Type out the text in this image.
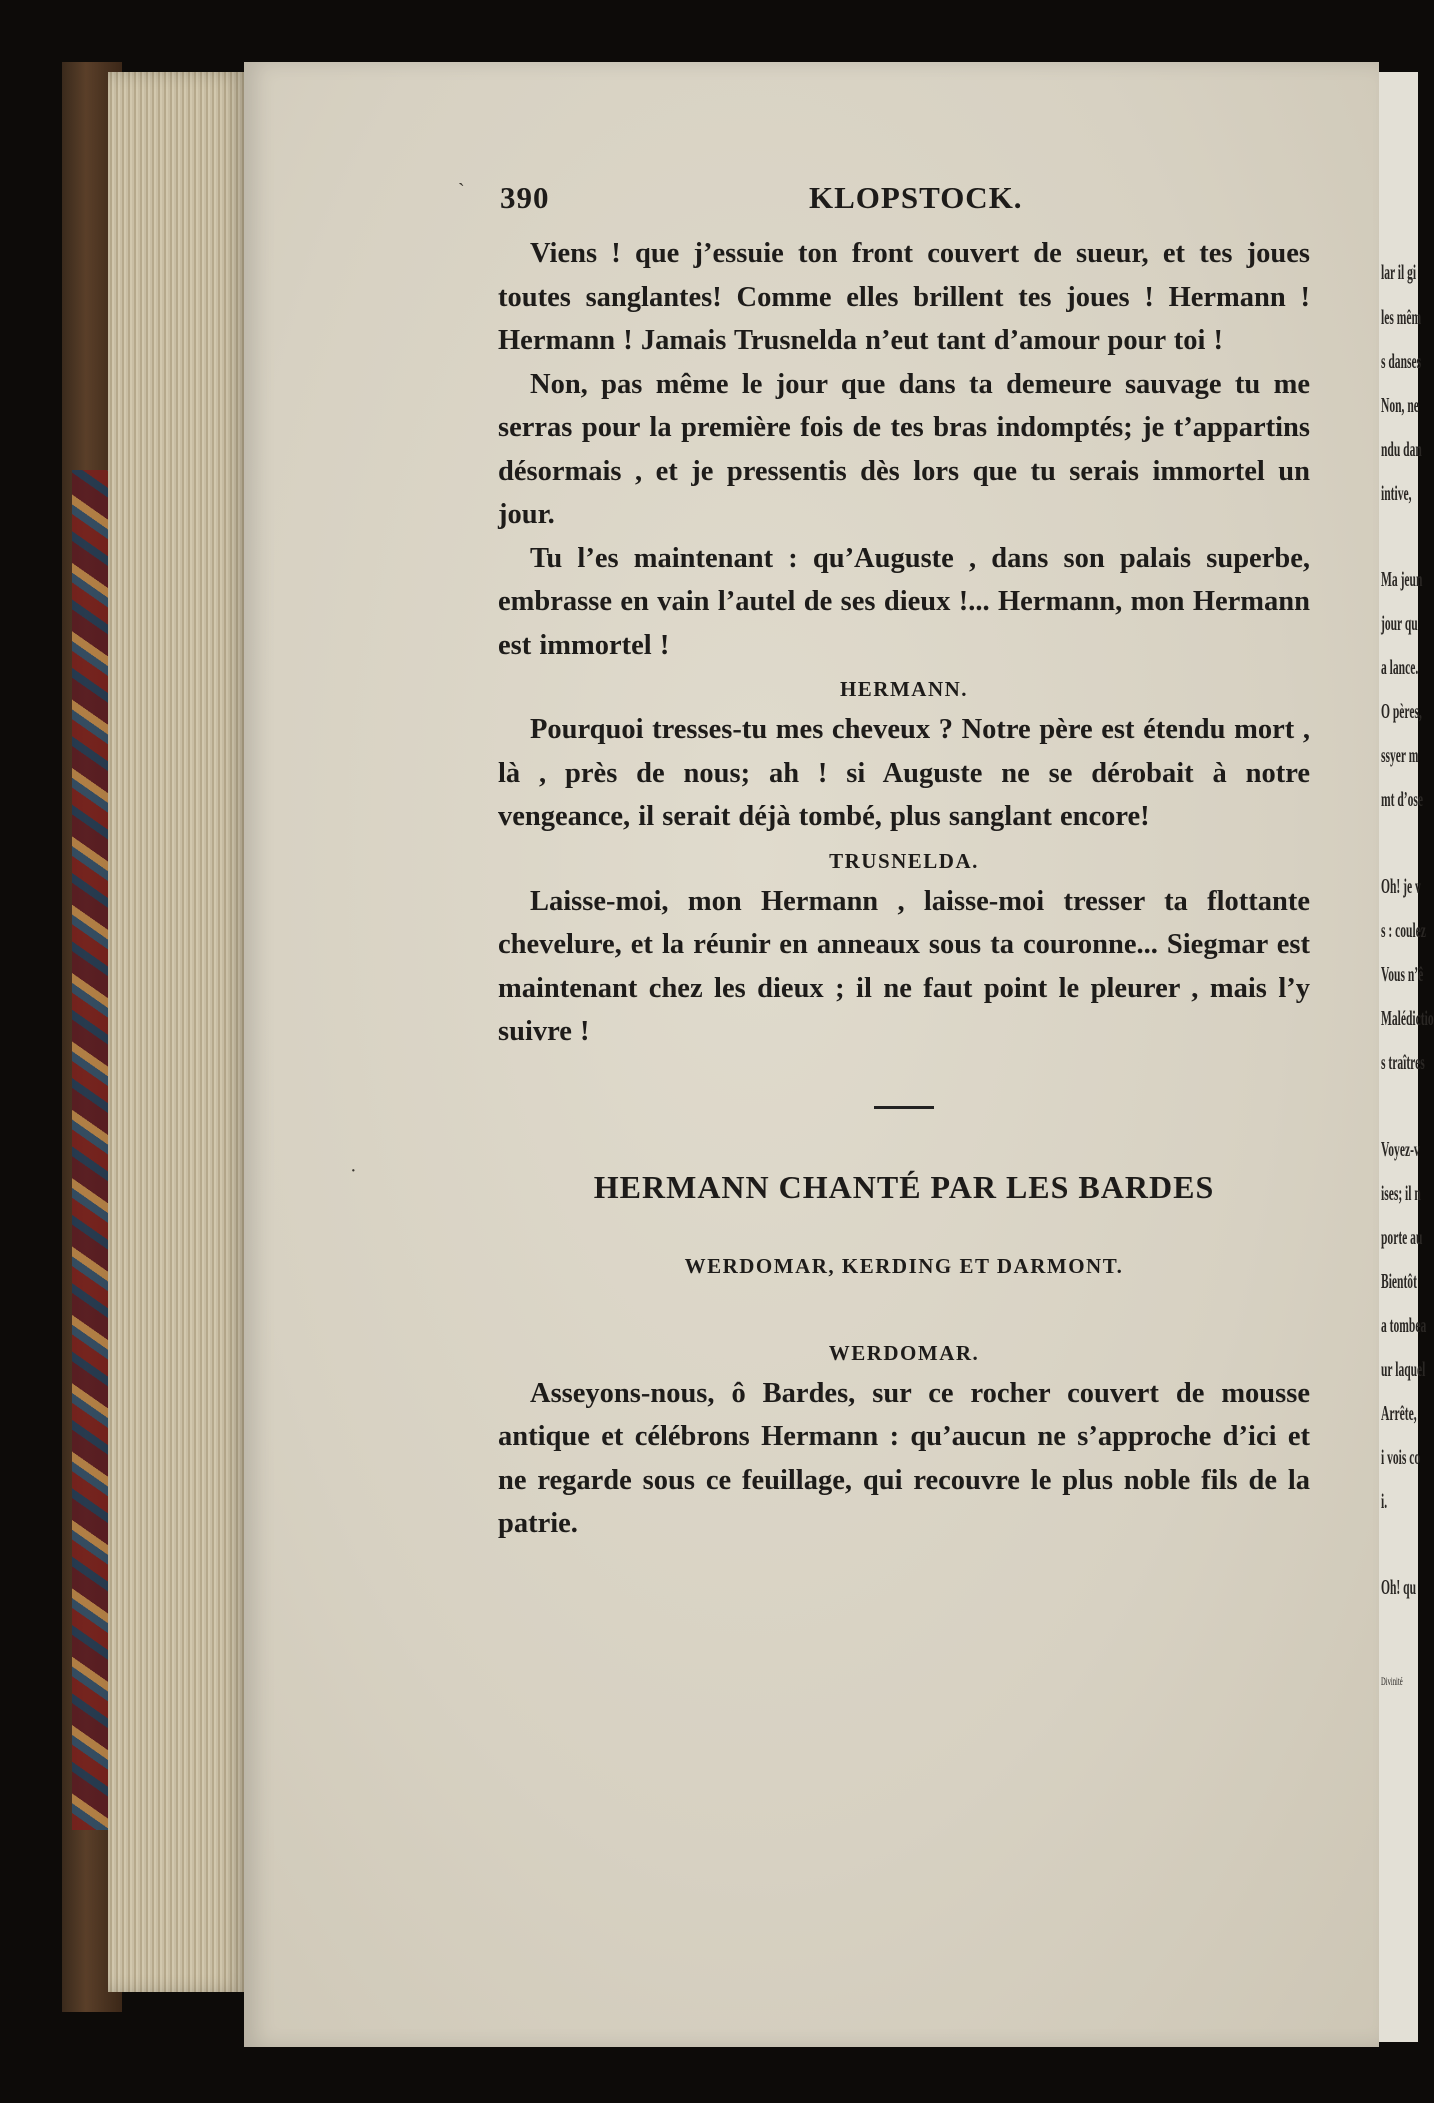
lar il gi
les mêm
s danses
Non, ne
ndu dan
intive,
Ma jeun
jour qu
a lance.
O pères,
ssyer m
mt d’ose
Oh! je v
s : coulez
Vous n’ê
Malédictio
s traîtres
Voyez-v
ises; il n
porte au
Bientôt
a tombea
ur laquel
Arrête,
i vois co
i.
Oh! qu
Divinité
`
·
390	KLOPSTOCK.

Viens ! que j’essuie ton front couvert de sueur, et tes joues toutes sanglantes! Comme elles brillent tes joues ! Hermann ! Hermann ! Jamais Trusnelda n’eut tant d’amour pour toi !

Non, pas même le jour que dans ta demeure sauvage tu me serras pour la première fois de tes bras indomptés; je t’appartins désormais , et je pressentis dès lors que tu serais immortel un jour.

Tu l’es maintenant : qu’Auguste , dans son palais superbe, embrasse en vain l’autel de ses dieux !... Hermann, mon Hermann est immortel !

HERMANN.

Pourquoi tresses-tu mes cheveux ? Notre père est étendu mort , là , près de nous; ah ! si Auguste ne se dérobait à notre vengeance, il serait déjà tombé, plus sanglant encore!

TRUSNELDA.

Laisse-moi, mon Hermann , laisse-moi tresser ta flottante chevelure, et la réunir en anneaux sous ta couronne... Siegmar est maintenant chez les dieux ; il ne faut point le pleurer , mais l’y suivre !

HERMANN CHANTÉ PAR LES BARDES
WERDOMAR, KERDING ET DARMONT.
WERDOMAR.

Asseyons-nous, ô Bardes, sur ce rocher couvert de mousse antique et célébrons Hermann : qu’aucun ne s’approche d’ici et ne regarde sous ce feuillage, qui recouvre le plus noble fils de la patrie.
